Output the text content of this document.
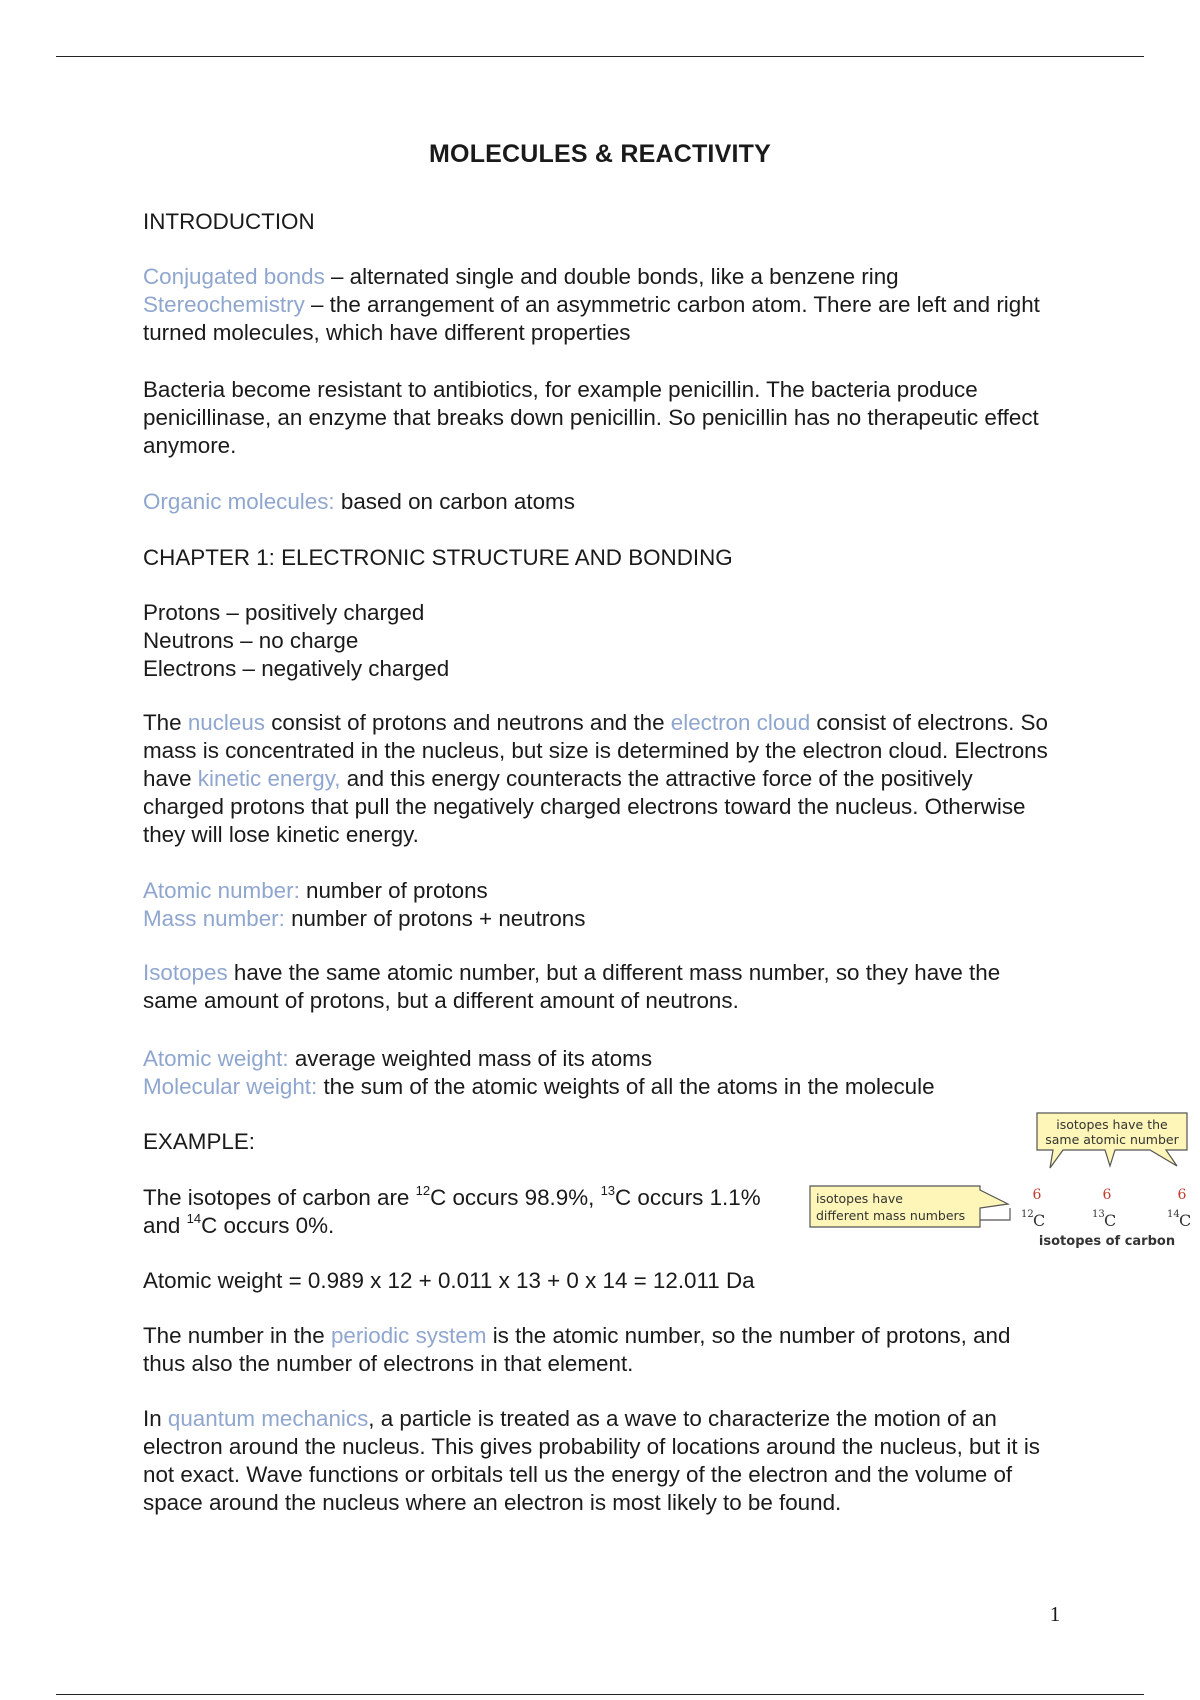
MOLECULES & REACTIVITY

INTRODUCTION

Conjugated bonds – alternated single and double bonds, like a benzene ring

Stereochemistry – the arrangement of an asymmetric carbon atom. There are left and right turned molecules, which have different properties

Bacteria become resistant to antibiotics, for example penicillin. The bacteria produce penicillinase, an enzyme that breaks down penicillin. So penicillin has no therapeutic effect anymore.

Organic molecules: based on carbon atoms

CHAPTER 1: ELECTRONIC STRUCTURE AND BONDING

Protons – positively charged

Neutrons – no charge

Electrons – negatively charged

The nucleus consist of protons and neutrons and the electron cloud consist of electrons. So mass is concentrated in the nucleus, but size is determined by the electron cloud. Electrons have kinetic energy, and this energy counteracts the attractive force of the positively charged protons that pull the negatively charged electrons toward the nucleus. Otherwise they will lose kinetic energy.

Atomic number: number of protons

Mass number: number of protons + neutrons

Isotopes have the same atomic number, but a different mass number, so they have the same amount of protons, but a different amount of neutrons.

Atomic weight: average weighted mass of its atoms

Molecular weight: the sum of the atomic weights of all the atoms in the molecule

EXAMPLE:

The isotopes of carbon are $^{12}$C occurs 98.9%, $^{13}$C occurs 1.1% and $^{14}$C occurs 0%.

Atomic weight = 0.989 x 12 + 0.011 x 13 + 0 x 14 = 12.011 Da

The number in the periodic system is the atomic number, so the number of protons, and thus also the number of electrons in that element.

In quantum mechanics, a particle is treated as a wave to characterize the motion of an electron around the nucleus. This gives probability of locations around the nucleus, but it is not exact. Wave functions or orbitals tell us the energy of the electron and the volume of space around the nucleus where an electron is most likely to be found.

isotopes have the
same atomic number
isotopes have
different mass numbers
6	6	6
12 C	13 C	14 C
isotopes of carbon
1
